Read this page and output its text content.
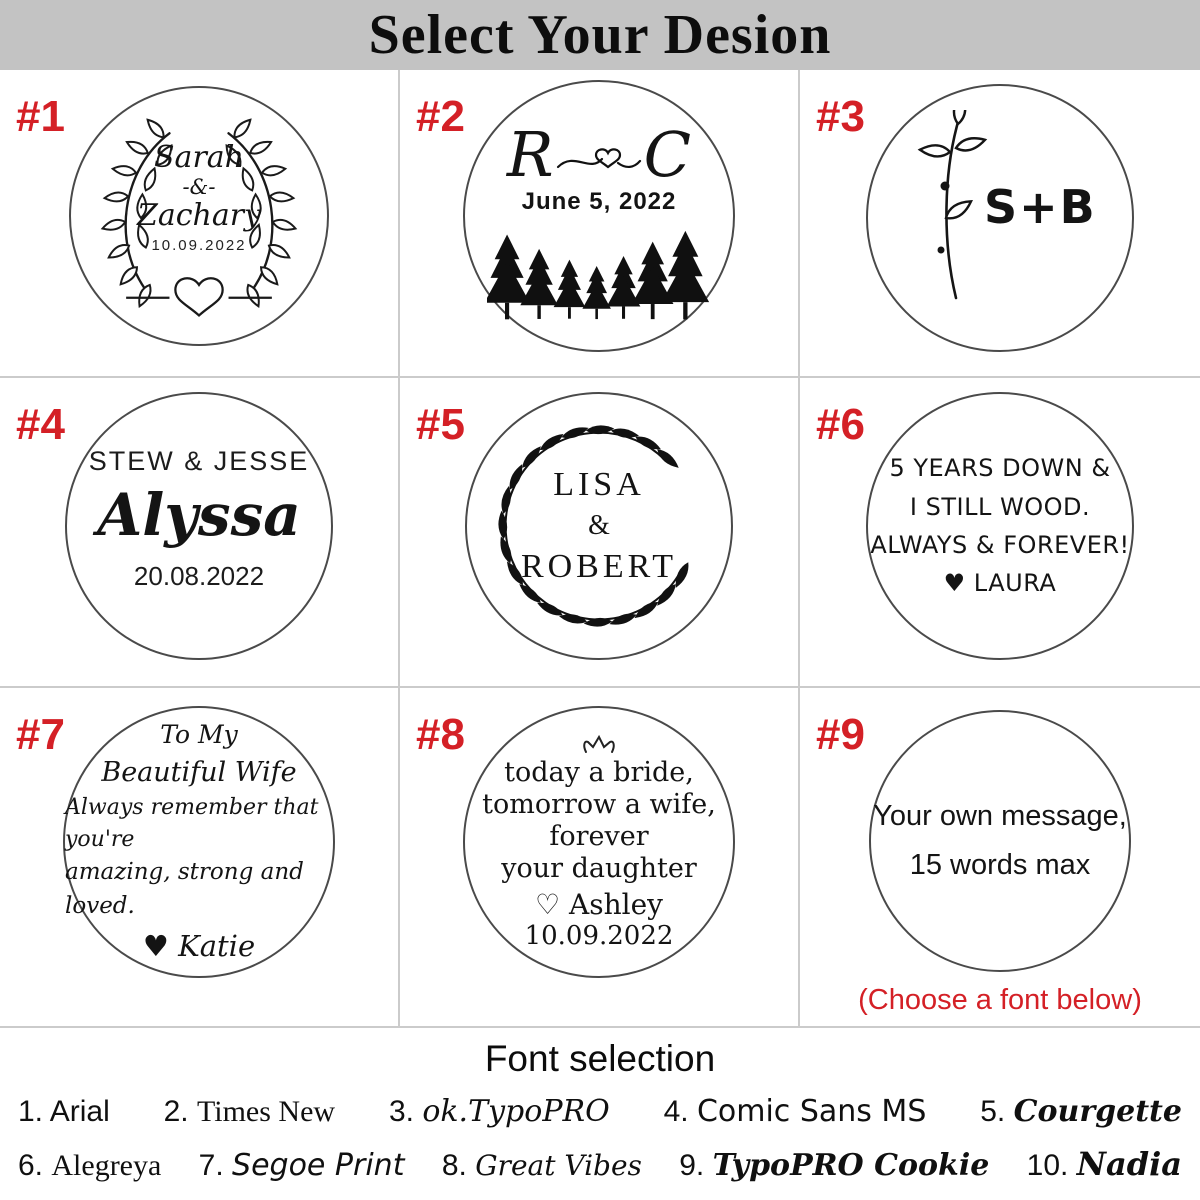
Select Your Desion
#1
Sarah
-&-
Zachary
10.09.2022
#2
R C
June 5, 2022
#3
S+B
#4
STEW & JESSE
Alyssa
20.08.2022
#5
LISA
&
ROBERT
#6
5 YEARS DOWN &
I STILL WOOD.
ALWAYS & FOREVER!
♥ LAURA
#7	To My
Beautiful Wife
Always remember that you're
amazing, strong and loved.
♥ Katie
#8
today a bride,
tomorrow a wife,
forever
your daughter
♡ Ashley
10.09.2022
#9
Your own message,
15 words max
(Choose a font below)
Font selection
1. Arial 2. Times New 3. ok.TypoPRO 4. Comic Sans MS 5. Courgette
6. Alegreya 7. Segoe Print 8. Great Vibes 9. TypoPRO Cookie 10. Nadia
